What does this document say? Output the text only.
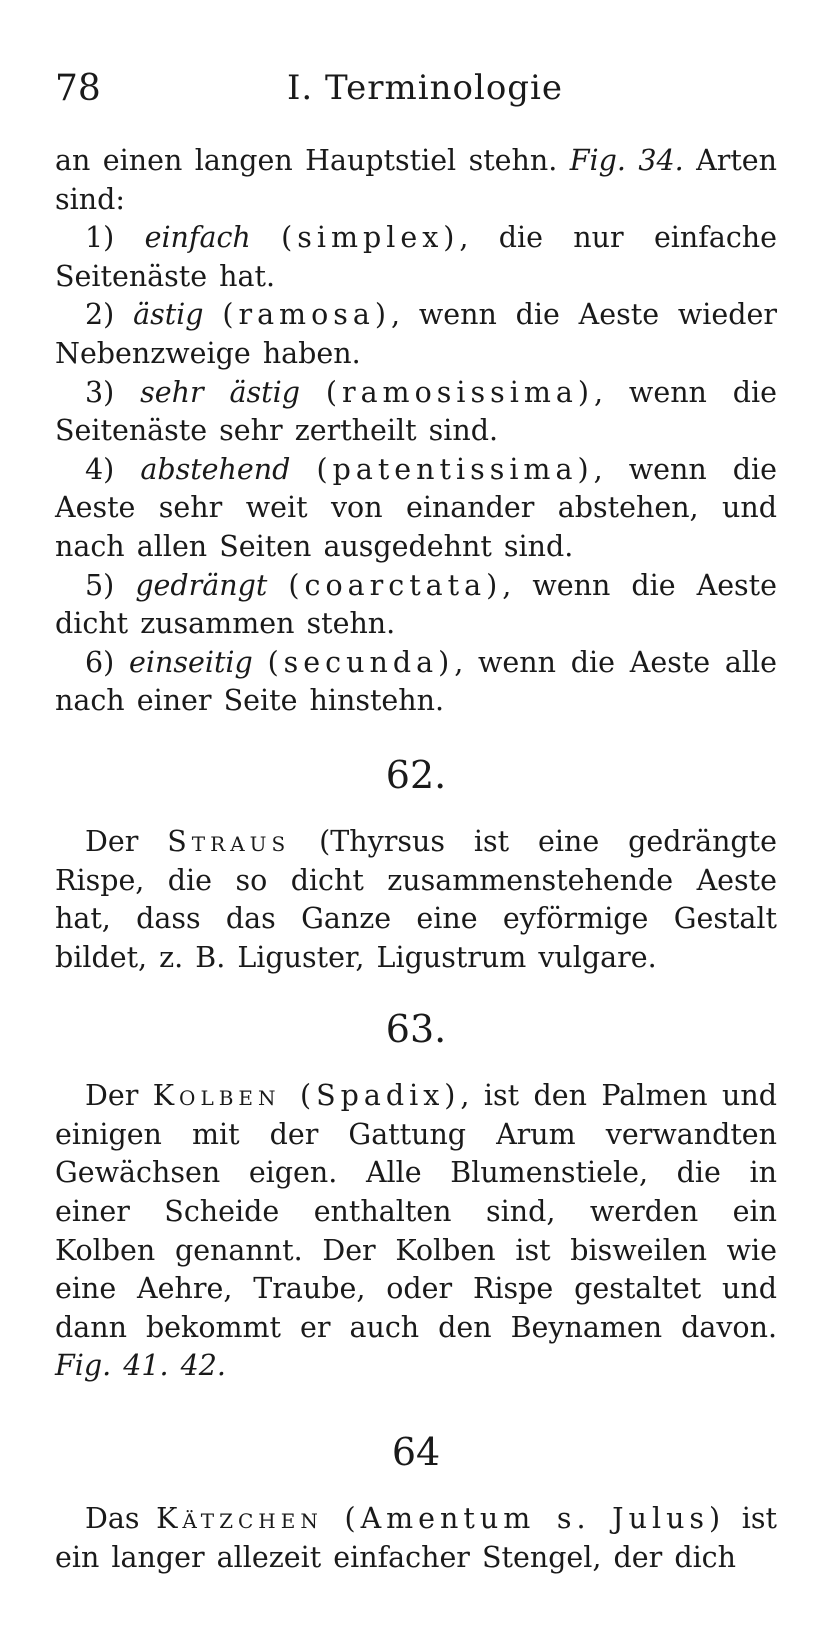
78	I. Terminologie

an einen langen Hauptstiel stehn. Fig. 34. Arten sind:

1) einfach (simplex), die nur einfache Seitenäste hat.

2) ästig (ramosa), wenn die Aeste wieder Nebenzweige haben.

3) sehr ästig (ramosissima), wenn die Seitenäste sehr zertheilt sind.

4) abstehend (patentissima), wenn die Aeste sehr weit von einander abstehen, und nach allen Seiten ausgedehnt sind.

5) gedrängt (coarctata), wenn die Aeste dicht zusammen stehn.

6) einseitig (secunda), wenn die Aeste alle nach einer Seite hinstehn.

62.

Der Straus (Thyrsus ist eine gedrängte Rispe, die so dicht zusammenstehende Aeste hat, dass das Ganze eine eyförmige Gestalt bildet, z. B. Liguster, Ligustrum vulgare.

63.

Der Kolben (Spadix), ist den Palmen und einigen mit der Gattung Arum verwandten Gewächsen eigen. Alle Blumenstiele, die in einer Scheide enthalten sind, werden ein Kolben genannt. Der Kolben ist bisweilen wie eine Aehre, Traube, oder Rispe gestaltet und dann bekommt er auch den Beynamen davon. Fig. 41. 42.

64

Das Kätzchen (Amentum s. Julus) ist ein langer allezeit einfacher Stengel, der dich
